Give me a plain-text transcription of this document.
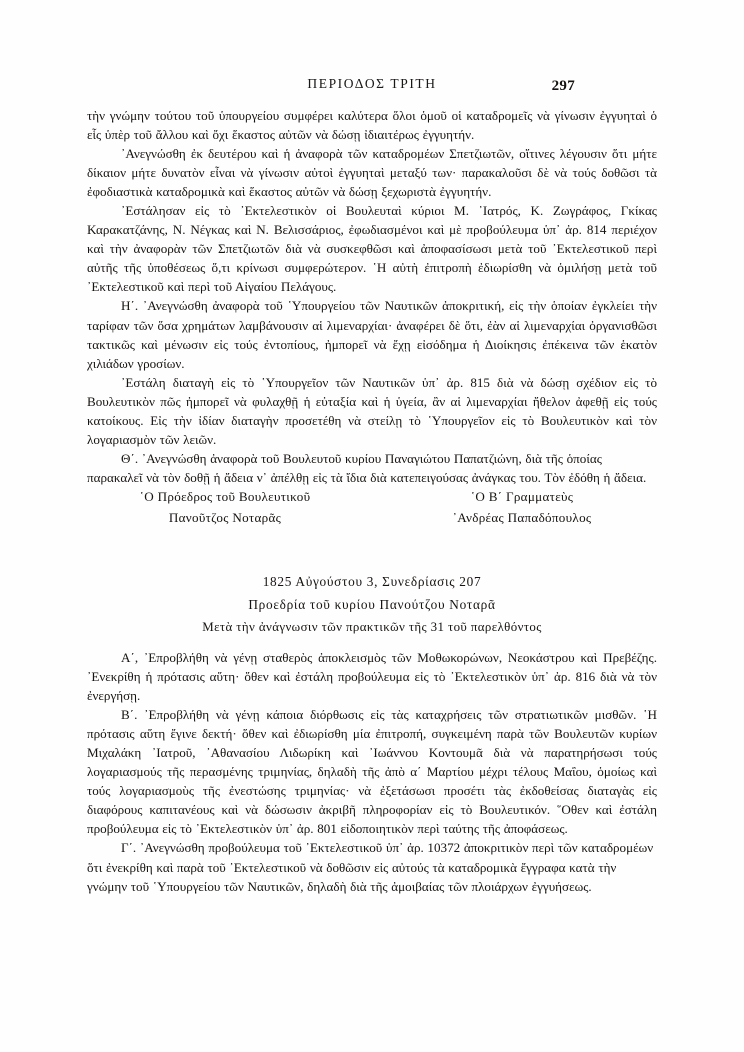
ΠΕΡΙΟΔΟΣ ΤΡΙΤΗ	297

τὴν γνώμην τούτου τοῦ ὑπουργείου συμφέρει καλύτερα ὅλοι ὁμοῦ οἱ καταδρομεῖς νὰ γίνωσιν ἐγγυηταὶ ὁ εἷς ὑπὲρ τοῦ ἄλλου καὶ ὄχι ἕκαστος αὐτῶν νὰ δώσῃ ἰδιαιτέρως ἐγγυητήν.

᾽Ανεγνώσθη ἐκ δευτέρου καὶ ἡ ἀναφορὰ τῶν καταδρομέων Σπετζιωτῶν, οἵτινες λέγουσιν ὅτι μήτε δίκαιον μήτε δυνατὸν εἶναι νὰ γίνωσιν αὐτοὶ ἐγγυηταὶ μεταξύ των· παρακαλοῦσι δὲ νὰ τούς δοθῶσι τὰ ἐφοδιαστικὰ καταδρομικὰ καὶ ἕκαστος αὐτῶν νὰ δώσῃ ξεχωριστὰ ἐγγυητήν.

᾽Εστάλησαν εἰς τὸ ᾽Εκτελεστικὸν οἱ Βουλευταὶ κύριοι Μ. ᾽Ιατρός, Κ. Ζωγράφος, Γκίκας Καρακατζάνης, Ν. Νέγκας καὶ Ν. Βελισσάριος, ἐφωδιασμένοι καὶ μὲ προβούλευμα ὑπ᾽ ἀρ. 814 περιέχον καὶ τὴν ἀναφορὰν τῶν Σπετζιωτῶν διὰ νὰ συσκεφθῶσι καὶ ἀποφασίσωσι μετὰ τοῦ ᾽Εκτελεστικοῦ περὶ αὐτῆς τῆς ὑποθέσεως ὅ,τι κρίνωσι συμφερώτερον. ῾Η αὐτὴ ἐπιτροπὴ ἐδιωρίσθη νὰ ὁμιλήσῃ μετὰ τοῦ ᾽Εκτελεστικοῦ καὶ περὶ τοῦ Αἰγαίου Πελάγους.

Η΄. ᾽Ανεγνώσθη ἀναφορὰ τοῦ ῾Υπουργείου τῶν Ναυτικῶν ἀποκριτική, εἰς τὴν ὁποίαν ἐγκλείει τὴν ταρίφαν τῶν ὅσα χρημάτων λαμβάνουσιν αἱ λιμεναρχίαι· ἀναφέρει δὲ ὅτι, ἐὰν αἱ λιμεναρχίαι ὀργανισθῶσι τακτικῶς καὶ μένωσιν εἰς τούς ἐντοπίους, ἠμπορεῖ νὰ ἔχῃ εἰσόδημα ἡ Διοίκησις ἐπέκεινα τῶν ἑκατὸν χιλιάδων γροσίων.

᾽Εστάλη διαταγὴ εἰς τὸ ῾Υπουργεῖον τῶν Ναυτικῶν ὑπ᾽ ἀρ. 815 διὰ νὰ δώσῃ σχέδιον εἰς τὸ Βουλευτικὸν πῶς ἠμπορεῖ νὰ φυλαχθῇ ἡ εὐταξία καὶ ἡ ὑγεία, ἂν αἱ λιμεναρχίαι ἤθελον ἀφεθῇ εἰς τούς κατοίκους. Εἰς τὴν ἰδίαν διαταγὴν προσετέθη νὰ στείλῃ τὸ ῾Υπουργεῖον εἰς τὸ Βουλευτικὸν καὶ τὸν λογαριασμὸν τῶν λειῶν.

Θ΄. ᾽Ανεγνώσθη ἀναφορὰ τοῦ Βουλευτοῦ κυρίου Παναγιώτου Παπατζιώνη, διὰ τῆς ὁποίας παρακαλεῖ νὰ τὸν δοθῇ ἡ ἄδεια ν᾽ ἀπέλθῃ εἰς τὰ ἴδια διὰ κατεπειγούσας ἀνάγκας του. Τὸν ἐδόθη ἡ ἄδεια.

῾Ο Πρόεδρος τοῦ Βουλευτικοῦ
Πανοῦτζος Νοταρᾶς
῾Ο Β΄ Γραμματεὺς
᾽Ανδρέας Παπαδόπουλος
1825 Αὐγούστου 3, Συνεδρίασις 207
Προεδρία τοῦ κυρίου Πανούτζου Νοταρᾶ
Μετὰ τὴν ἀνάγνωσιν τῶν πρακτικῶν τῆς 31 τοῦ παρελθόντος

Α΄, ᾽Επροβλήθη νὰ γένῃ σταθερὸς ἀποκλεισμὸς τῶν Μοθωκορώνων, Νεοκάστρου καὶ Πρεβέζης. ᾽Ενεκρίθη ἡ πρότασις αὕτη· ὅθεν καὶ ἐστάλη προβούλευμα εἰς τὸ ᾽Εκτελεστικὸν ὑπ᾽ ἀρ. 816 διὰ νὰ τὸν ἐνεργήσῃ.

Β΄. ᾽Επροβλήθη νὰ γένῃ κάποια διόρθωσις εἰς τὰς καταχρήσεις τῶν στρατιωτικῶν μισθῶν. ῾Η πρότασις αὕτη ἔγινε δεκτή· ὅθεν καὶ ἐδιωρίσθη μία ἐπιτροπή, συγκειμένη παρὰ τῶν Βουλευτῶν κυρίων Μιχαλάκη ᾽Ιατροῦ, ᾽Αθανασίου Λιδωρίκη καὶ ᾽Ιωάννου Κοντουμᾶ διὰ νὰ παρατηρήσωσι τούς λογαριασμούς τῆς περασμένης τριμηνίας, δηλαδὴ τῆς ἀπὸ α΄ Μαρτίου μέχρι τέλους Μαΐου, ὁμοίως καὶ τούς λογαριασμοὺς τῆς ἐνεστώσης τριμηνίας· νὰ ἐξετάσωσι προσέτι τὰς ἐκδοθείσας διαταγὰς εἰς διαφόρους καπιτανέους καὶ νὰ δώσωσιν ἀκριβῆ πληροφορίαν εἰς τὸ Βουλευτικόν. ῞Οθεν καὶ ἐστάλη προβούλευμα εἰς τὸ ᾽Εκτελεστικὸν ὑπ᾽ ἀρ. 801 εἰδοποιητικὸν περὶ ταύτης τῆς ἀποφάσεως.

Γ΄. ᾽Ανεγνώσθη προβούλευμα τοῦ ᾽Εκτελεστικοῦ ὑπ᾽ ἀρ. 10372 ἀποκριτικὸν περὶ τῶν καταδρομέων ὅτι ἐνεκρίθη καὶ παρὰ τοῦ ᾽Εκτελεστικοῦ νὰ δοθῶσιν εἰς αὐτούς τὰ καταδρομικὰ ἔγγραφα κατὰ τὴν γνώμην τοῦ ῾Υπουργείου τῶν Ναυτικῶν, δηλαδὴ διὰ τῆς ἀμοιβαίας τῶν πλοιάρχων ἐγγυήσεως.
